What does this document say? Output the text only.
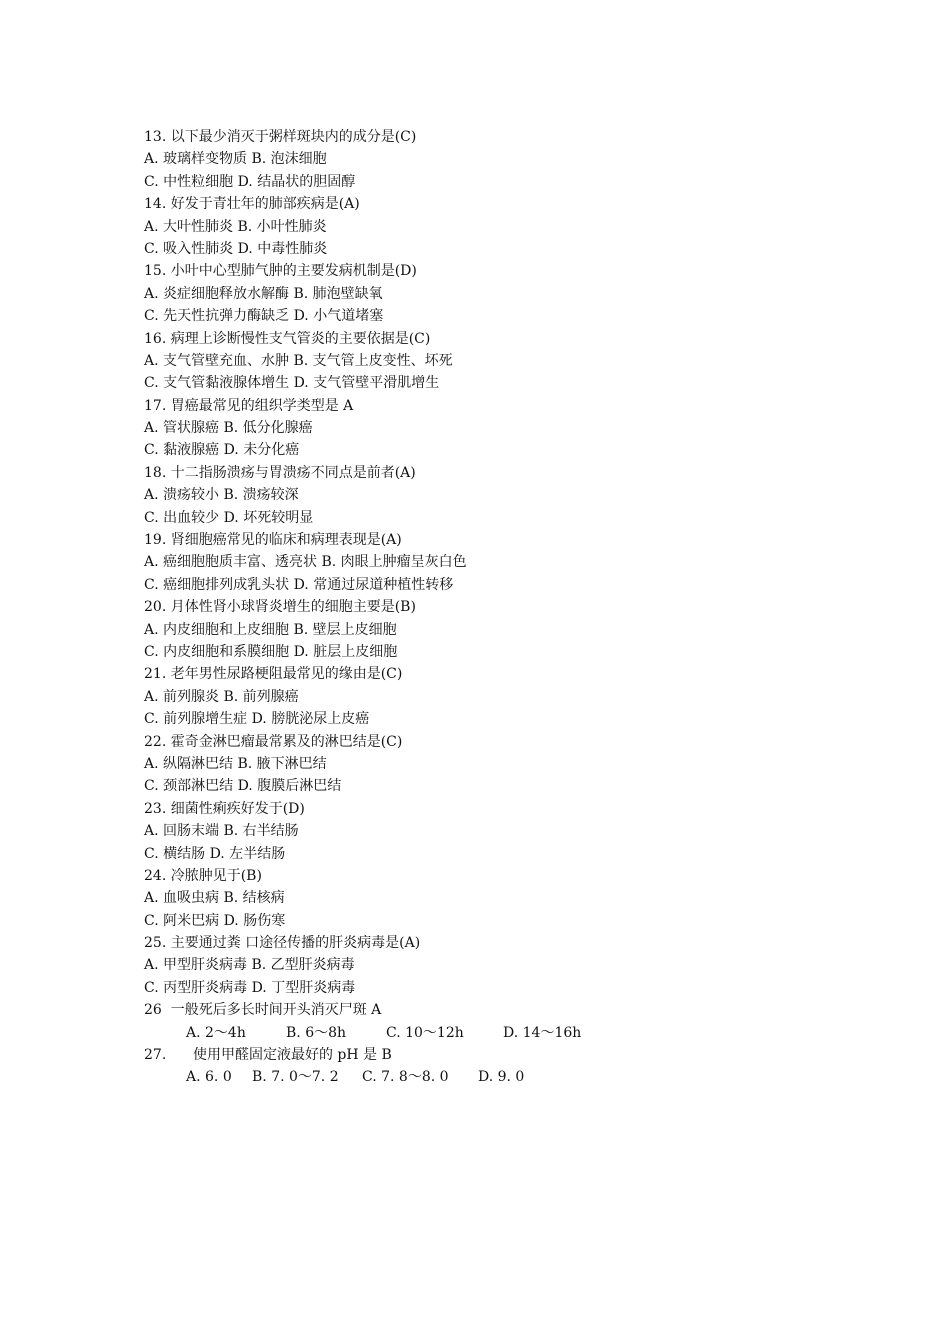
13. 以下最少消灭于粥样斑块内的成分是(C)
A. 玻璃样变物质 B. 泡沫细胞
C. 中性粒细胞 D. 结晶状的胆固醇
14. 好发于青壮年的肺部疾病是(A)
A. 大叶性肺炎 B. 小叶性肺炎
C. 吸入性肺炎 D. 中毒性肺炎
15. 小叶中心型肺气肿的主要发病机制是(D)
A. 炎症细胞释放水解酶 B. 肺泡壁缺氧
C. 先天性抗弹力酶缺乏 D. 小气道堵塞
16. 病理上诊断慢性支气管炎的主要依据是(C)
A. 支气管壁充血、水肿 B. 支气管上皮变性、坏死
C. 支气管黏液腺体增生 D. 支气管壁平滑肌增生
17. 胃癌最常见的组织学类型是 A
A. 管状腺癌 B. 低分化腺癌
C. 黏液腺癌 D. 未分化癌
18. 十二指肠溃疡与胃溃疡不同点是前者(A)
A. 溃疡较小 B. 溃疡较深
C. 出血较少 D. 坏死较明显
19. 肾细胞癌常见的临床和病理表现是(A)
A. 癌细胞胞质丰富、透亮状 B. 肉眼上肿瘤呈灰白色
C. 癌细胞排列成乳头状 D. 常通过尿道种植性转移
20. 月体性肾小球肾炎增生的细胞主要是(B)
A. 内皮细胞和上皮细胞 B. 壁层上皮细胞
C. 内皮细胞和系膜细胞 D. 脏层上皮细胞
21. 老年男性尿路梗阻最常见的缘由是(C)
A. 前列腺炎 B. 前列腺癌
C. 前列腺增生症 D. 膀胱泌尿上皮癌
22. 霍奇金淋巴瘤最常累及的淋巴结是(C)
A. 纵隔淋巴结 B. 腋下淋巴结
C. 颈部淋巴结 D. 腹膜后淋巴结
23. 细菌性痢疾好发于(D)
A. 回肠末端 B. 右半结肠
C. 横结肠 D. 左半结肠
24. 冷脓肿见于(B)
A. 血吸虫病 B. 结核病
C. 阿米巴病 D. 肠伤寒
25. 主要通过粪 口途径传播的肝炎病毒是(A)
A. 甲型肝炎病毒 B. 乙型肝炎病毒
C. 丙型肝炎病毒 D. 丁型肝炎病毒
26  一般死后多长时间开头消灭尸斑 A

A. 2～4h

	B. 6～8h

	C. 10～12h

	D. 14～16h

27.      使用甲醛固定液最好的 pH 是 B

A. 6. 0

B. 7. 0～7. 2

C. 7. 8～8. 0

D. 9. 0
